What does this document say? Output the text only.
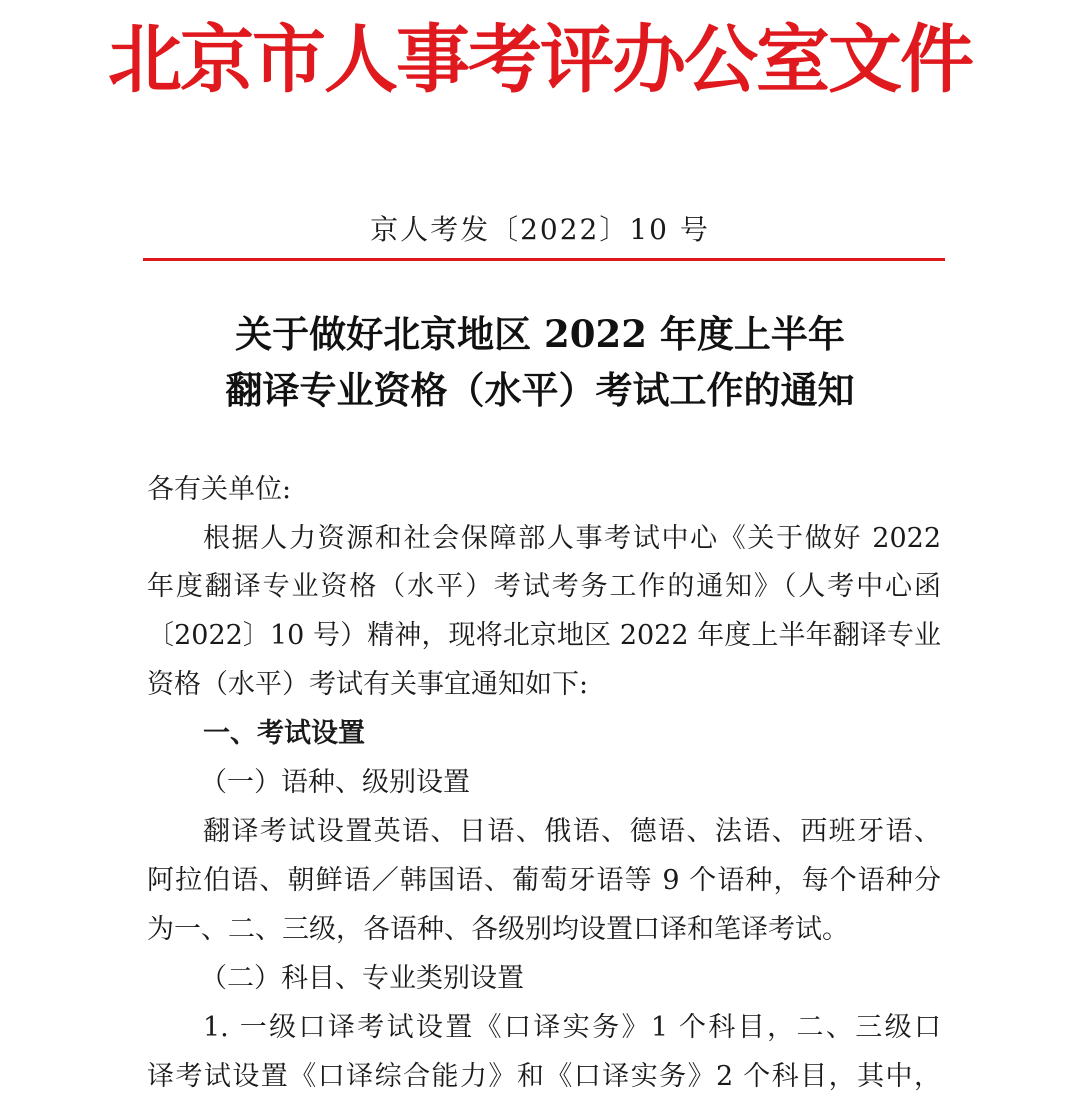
北京市人事考评办公室文件
京人考发〔2022〕10 号
关于做好北京地区 2022 年度上半年
翻译专业资格（水平）考试工作的通知
各有关单位:
根据人力资源和社会保障部人事考试中心《关于做好 2022
年度翻译专业资格（水平）考试考务工作的通知》（人考中心函
〔2022〕10 号）精神，现将北京地区 2022 年度上半年翻译专业
资格（水平）考试有关事宜通知如下:
一、考试设置
（一）语种、级别设置
翻译考试设置英语、日语、俄语、德语、法语、西班牙语、
阿拉伯语、朝鲜语／韩国语、葡萄牙语等 9 个语种，每个语种分
为一、二、三级，各语种、各级别均设置口译和笔译考试。
（二）科目、专业类别设置
1. 一级口译考试设置《口译实务》1 个科目，二、三级口
译考试设置《口译综合能力》和《口译实务》2 个科目，其中，
